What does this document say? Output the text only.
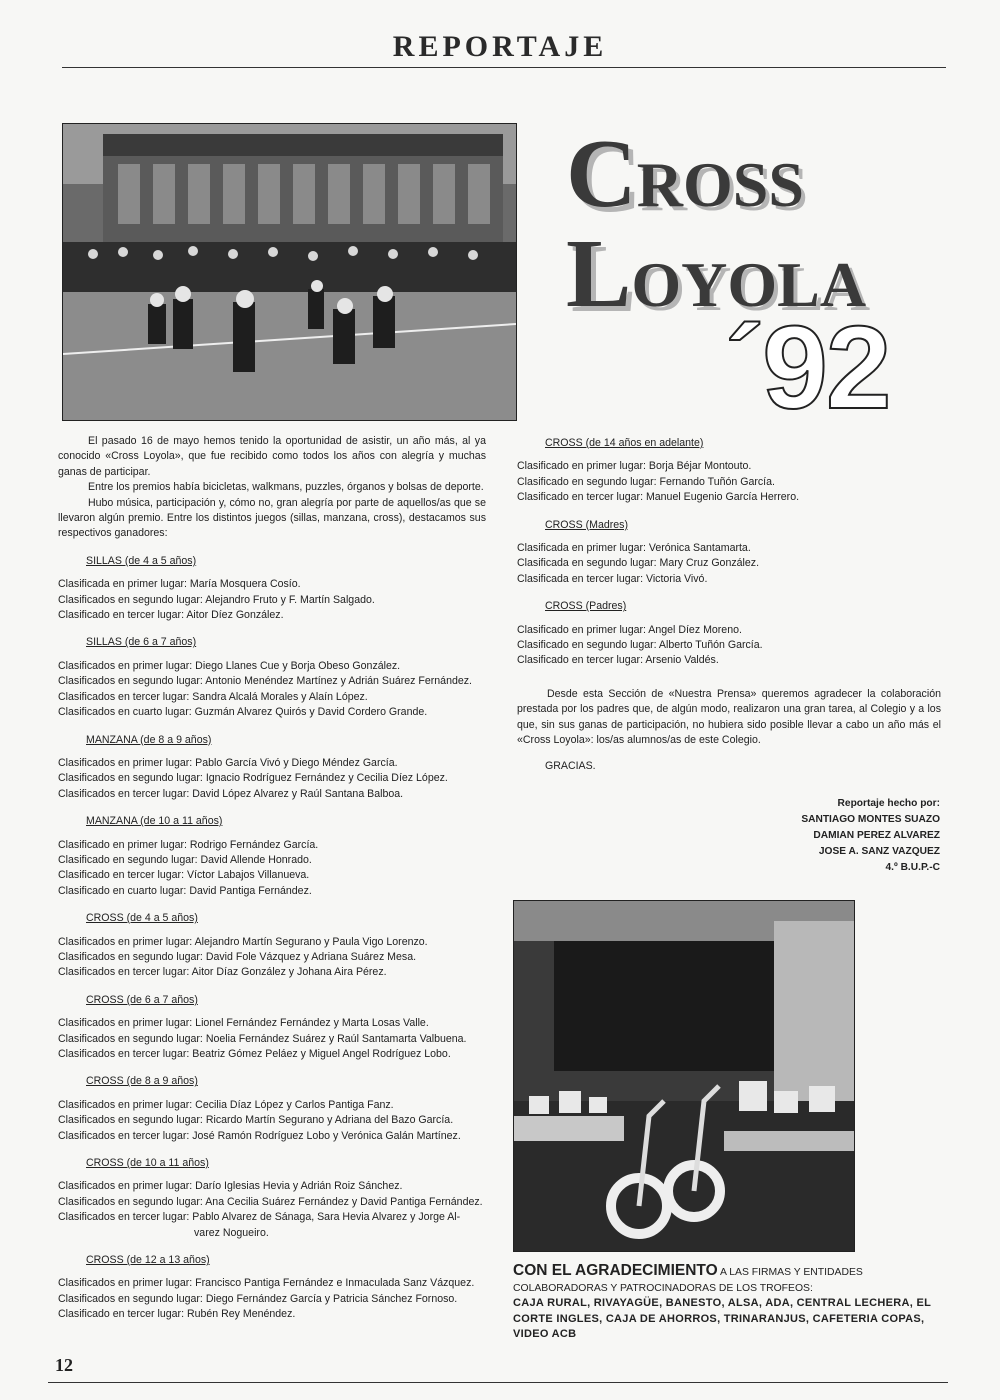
REPORTAJE
CROSS
LOYOLA
´92

El pasado 16 de mayo hemos tenido la oportunidad de asistir, un año más, al ya conocido «Cross Loyola», que fue recibido como todos los años con alegría y muchas ganas de participar.

Entre los premios había bicicletas, walkmans, puzzles, órganos y bolsas de deporte.

Hubo música, participación y, cómo no, gran alegría por parte de aquellos/as que se llevaron algún premio. Entre los distintos juegos (sillas, manzana, cross), destacamos sus respectivos ganadores:

SILLAS (de 4 a 5 años)
Clasificada en primer lugar: María Mosquera Cosío.
Clasificados en segundo lugar: Alejandro Fruto y F. Martín Salgado.
Clasificado en tercer lugar: Aitor Díez González.
SILLAS (de 6 a 7 años)
Clasificados en primer lugar: Diego Llanes Cue y Borja Obeso González.
Clasificados en segundo lugar: Antonio Menéndez Martínez y Adrián Suárez Fernández.
Clasificados en tercer lugar: Sandra Alcalá Morales y Alaín López.
Clasificados en cuarto lugar: Guzmán Alvarez Quirós y David Cordero Grande.
MANZANA (de 8 a 9 años)
Clasificados en primer lugar: Pablo García Vivó y Diego Méndez García.
Clasificados en segundo lugar: Ignacio Rodríguez Fernández y Cecilia Díez López.
Clasificados en tercer lugar: David López Alvarez y Raúl Santana Balboa.
MANZANA (de 10 a 11 años)
Clasificado en primer lugar: Rodrigo Fernández García.
Clasificado en segundo lugar: David Allende Honrado.
Clasificado en tercer lugar: Víctor Labajos Villanueva.
Clasificado en cuarto lugar: David Pantiga Fernández.
CROSS (de 4 a 5 años)
Clasificados en primer lugar: Alejandro Martín Segurano y Paula Vigo Lorenzo.
Clasificados en segundo lugar: David Fole Vázquez y Adriana Suárez Mesa.
Clasificados en tercer lugar: Aitor Díaz González y Johana Aira Pérez.
CROSS (de 6 a 7 años)
Clasificados en primer lugar: Lionel Fernández Fernández y Marta Losas Valle.
Clasificados en segundo lugar: Noelia Fernández Suárez y Raúl Santamarta Valbuena.
Clasificados en tercer lugar: Beatriz Gómez Peláez y Miguel Angel Rodríguez Lobo.
CROSS (de 8 a 9 años)
Clasificados en primer lugar: Cecilia Díaz López y Carlos Pantiga Fanz.
Clasificados en segundo lugar: Ricardo Martín Segurano y Adriana del Bazo García.
Clasificados en tercer lugar: José Ramón Rodríguez Lobo y Verónica Galán Martínez.
CROSS (de 10 a 11 años)
Clasificados en primer lugar: Darío Iglesias Hevia y Adrián Roiz Sánchez.
Clasificados en segundo lugar: Ana Cecilia Suárez Fernández y David Pantiga Fernández.
Clasificados en tercer lugar: Pablo Alvarez de Sánaga, Sara Hevia Alvarez y Jorge Al-
varez Nogueiro.
CROSS (de 12 a 13 años)
Clasificados en primer lugar: Francisco Pantiga Fernández e Inmaculada Sanz Vázquez.
Clasificados en segundo lugar: Diego Fernández García y Patricia Sánchez Fornoso.
Clasificado en tercer lugar: Rubén Rey Menéndez.
CROSS (de 14 años en adelante)
Clasificado en primer lugar: Borja Béjar Montouto.
Clasificado en segundo lugar: Fernando Tuñón García.
Clasificado en tercer lugar: Manuel Eugenio García Herrero.
CROSS (Madres)
Clasificada en primer lugar: Verónica Santamarta.
Clasificada en segundo lugar: Mary Cruz González.
Clasificada en tercer lugar: Victoria Vivó.
CROSS (Padres)
Clasificado en primer lugar: Angel Díez Moreno.
Clasificado en segundo lugar: Alberto Tuñón García.
Clasificado en tercer lugar: Arsenio Valdés.

Desde esta Sección de «Nuestra Prensa» queremos agradecer la colaboración prestada por los padres que, de algún modo, realizaron una gran tarea, al Colegio y a los que, sin sus ganas de participación, no hubiera sido posible llevar a cabo un año más el «Cross Loyola»: los/as alumnos/as de este Colegio.

GRACIAS.
Reportaje hecho por:
SANTIAGO MONTES SUAZO
DAMIAN PEREZ ALVAREZ
JOSE A. SANZ VAZQUEZ
4.º B.U.P.-C
CON EL AGRADECIMIENTO A LAS FIRMAS Y ENTIDADES COLABORADORAS Y PATROCINADORAS DE LOS TROFEOS:
CAJA RURAL, RIVAYAGÜE, BANESTO, ALSA, ADA, CENTRAL LECHERA, EL CORTE INGLES, CAJA DE AHORROS, TRINARANJUS, CAFETERIA COPAS, VIDEO ACB
12
